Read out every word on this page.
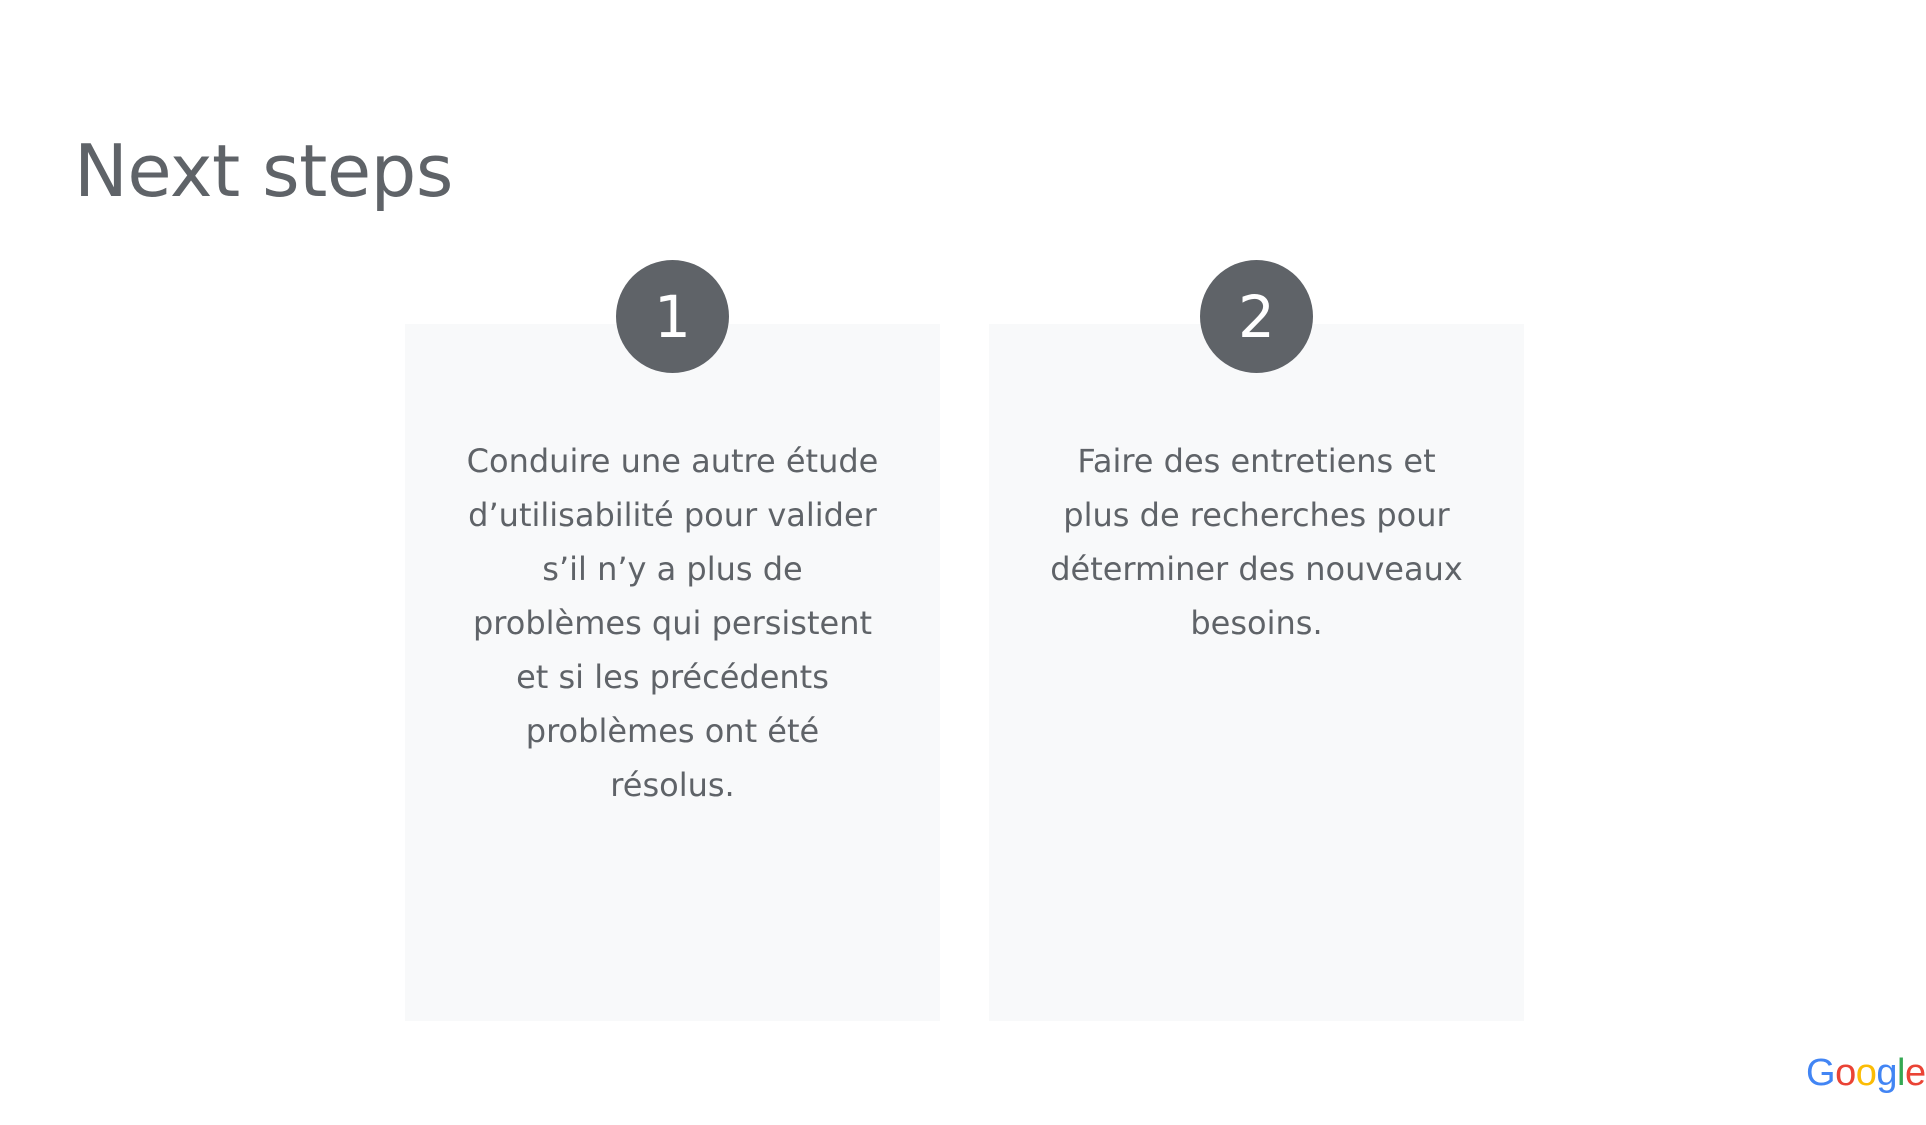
Next steps

Conduire une autre étude d’utilisabilité pour valider s’il n’y a plus de problèmes qui persistent et si les précédents problèmes ont été résolus.

1

Faire des entretiens et plus de recherches pour déterminer des nouveaux besoins.

2
Google
